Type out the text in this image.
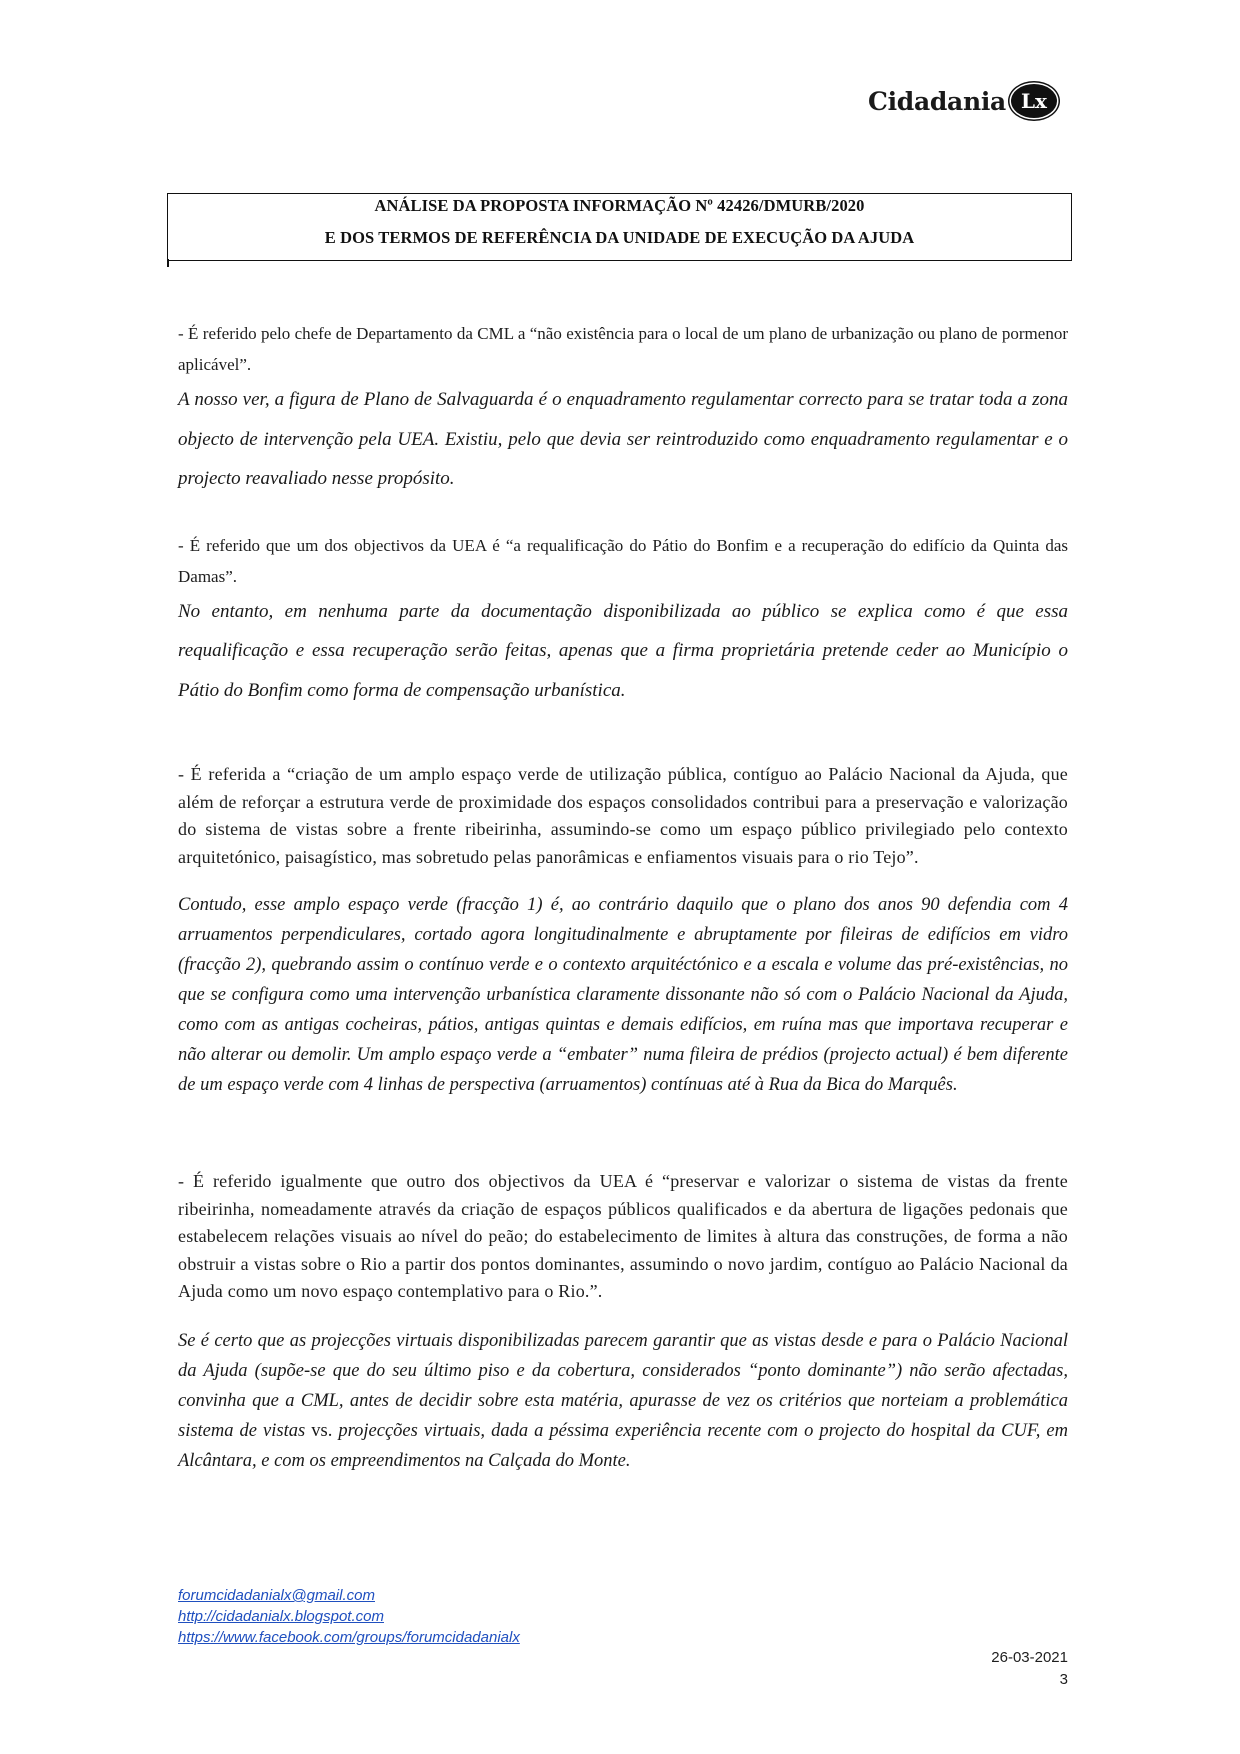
Cidadania Lx
ANÁLISE DA PROPOSTA INFORMAÇÃO Nº 42426/DMURB/2020
E DOS TERMOS DE REFERÊNCIA DA UNIDADE DE EXECUÇÃO DA AJUDA

- É referido pelo chefe de Departamento da CML a “não existência para o local de um plano de urbanização ou plano de pormenor aplicável”.

A nosso ver, a figura de Plano de Salvaguarda é o enquadramento regulamentar correcto para se tratar toda a zona objecto de intervenção pela UEA. Existiu, pelo que devia ser reintroduzido como enquadramento regulamentar e o projecto reavaliado nesse propósito.

- É referido que um dos objectivos da UEA é “a requalificação do Pátio do Bonfim e a recuperação do edifício da Quinta das Damas”.

No entanto, em nenhuma parte da documentação disponibilizada ao público se explica como é que essa requalificação e essa recuperação serão feitas, apenas que a firma proprietária pretende ceder ao Município o Pátio do Bonfim como forma de compensação urbanística.

- É referida a “criação de um amplo espaço verde de utilização pública, contíguo ao Palácio Nacional da Ajuda, que além de reforçar a estrutura verde de proximidade dos espaços consolidados contribui para a preservação e valorização do sistema de vistas sobre a frente ribeirinha, assumindo-se como um espaço público privilegiado pelo contexto arquitetónico, paisagístico, mas sobretudo pelas panorâmicas e enfiamentos visuais para o rio Tejo”.

Contudo, esse amplo espaço verde (fracção 1) é, ao contrário daquilo que o plano dos anos 90 defendia com 4 arruamentos perpendiculares, cortado agora longitudinalmente e abruptamente por fileiras de edifícios em vidro (fracção 2), quebrando assim o contínuo verde e o contexto arquitéctónico e a escala e volume das pré-existências, no que se configura como uma intervenção urbanística claramente dissonante não só com o Palácio Nacional da Ajuda, como com as antigas cocheiras, pátios, antigas quintas e demais edifícios, em ruína mas que importava recuperar e não alterar ou demolir. Um amplo espaço verde a “embater” numa fileira de prédios (projecto actual) é bem diferente de um espaço verde com 4 linhas de perspectiva (arruamentos) contínuas até à Rua da Bica do Marquês.

- É referido igualmente que outro dos objectivos da UEA é “preservar e valorizar o sistema de vistas da frente ribeirinha, nomeadamente através da criação de espaços públicos qualificados e da abertura de ligações pedonais que estabelecem relações visuais ao nível do peão; do estabelecimento de limites à altura das construções, de forma a não obstruir a vistas sobre o Rio a partir dos pontos dominantes, assumindo o novo jardim, contíguo ao Palácio Nacional da Ajuda como um novo espaço contemplativo para o Rio.”.

Se é certo que as projecções virtuais disponibilizadas parecem garantir que as vistas desde e para o Palácio Nacional da Ajuda (supõe-se que do seu último piso e da cobertura, considerados “ponto dominante”) não serão afectadas, convinha que a CML, antes de decidir sobre esta matéria, apurasse de vez os critérios que norteiam a problemática sistema de vistas vs. projecções virtuais, dada a péssima experiência recente com o projecto do hospital da CUF, em Alcântara, e com os empreendimentos na Calçada do Monte.

forumcidadanialx@gmail.com
http://cidadanialx.blogspot.com
https://www.facebook.com/groups/forumcidadanialx
26-03-2021
3
